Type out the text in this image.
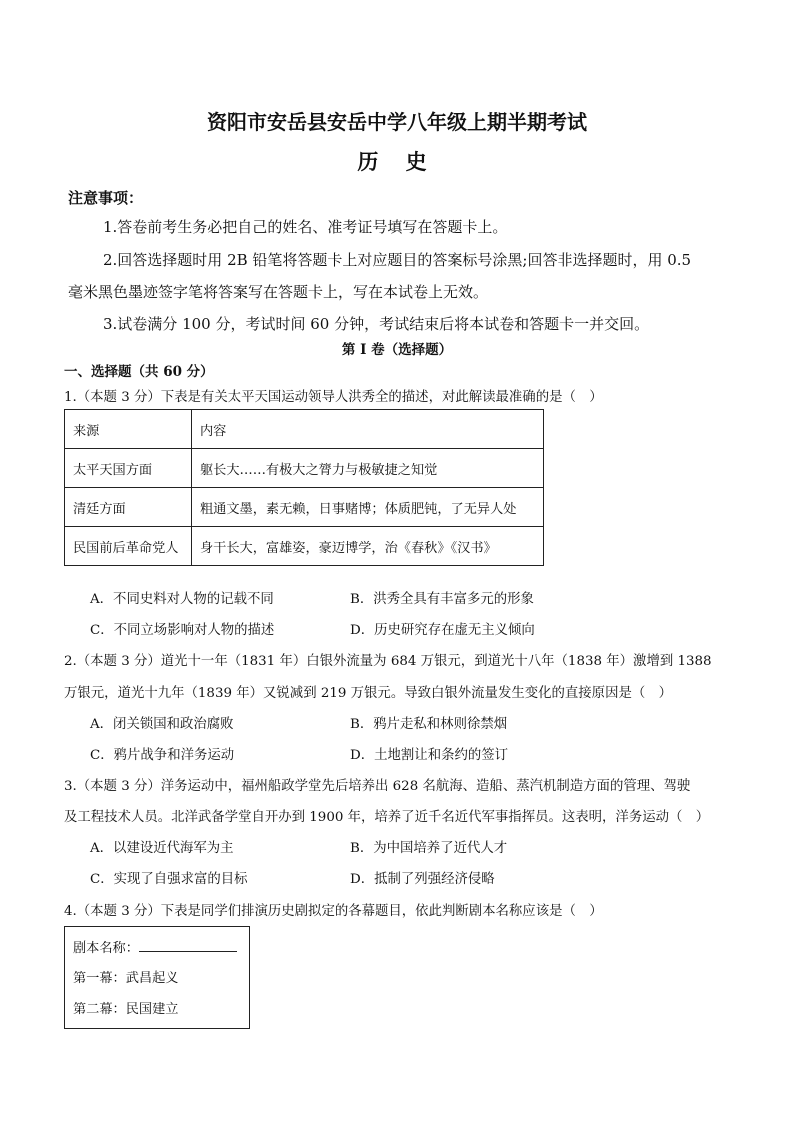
资阳市安岳县安岳中学八年级上期半期考试
历 史
注意事项：
1.答卷前考生务必把自己的姓名、准考证号填写在答题卡上。
2.回答选择题时用 2B 铅笔将答题卡上对应题目的答案标号涂黑;回答非选择题时，用 0.5
毫米黑色墨迹签字笔将答案写在答题卡上，写在本试卷上无效。
3.试卷满分 100 分，考试时间 60 分钟，考试结束后将本试卷和答题卡一并交回。
第 I 卷（选择题）
一、选择题（共 60 分）
1.（本题 3 分）下表是有关太平天国运动领导人洪秀全的描述，对此解读最准确的是（　）
来源	内容
太平天国方面	躯长大……有极大之膂力与极敏捷之知觉
清廷方面	粗通文墨，素无赖，日事赌博；体质肥钝，了无异人处
民国前后革命党人	身干长大，富雄姿，豪迈博学，治《春秋》《汉书》
A．不同史料对人物的记载不同	B．洪秀全具有丰富多元的形象
C．不同立场影响对人物的描述	D．历史研究存在虚无主义倾向
2.（本题 3 分）道光十一年（1831 年）白银外流量为 684 万银元，到道光十八年（1838 年）激增到 1388
万银元，道光十九年（1839 年）又锐减到 219 万银元。导致白银外流量发生变化的直接原因是（　）
A．闭关锁国和政治腐败	B．鸦片走私和林则徐禁烟
C．鸦片战争和洋务运动	D．土地割让和条约的签订
3.（本题 3 分）洋务运动中，福州船政学堂先后培养出 628 名航海、造船、蒸汽机制造方面的管理、驾驶
及工程技术人员。北洋武备学堂自开办到 1900 年，培养了近千名近代军事指挥员。这表明，洋务运动（　）
A．以建设近代海军为主	B．为中国培养了近代人才
C．实现了自强求富的目标	D．抵制了列强经济侵略
4.（本题 3 分）下表是同学们排演历史剧拟定的各幕题目，依此判断剧本名称应该是（　）
剧本名称：
第一幕：武昌起义
第二幕：民国建立
